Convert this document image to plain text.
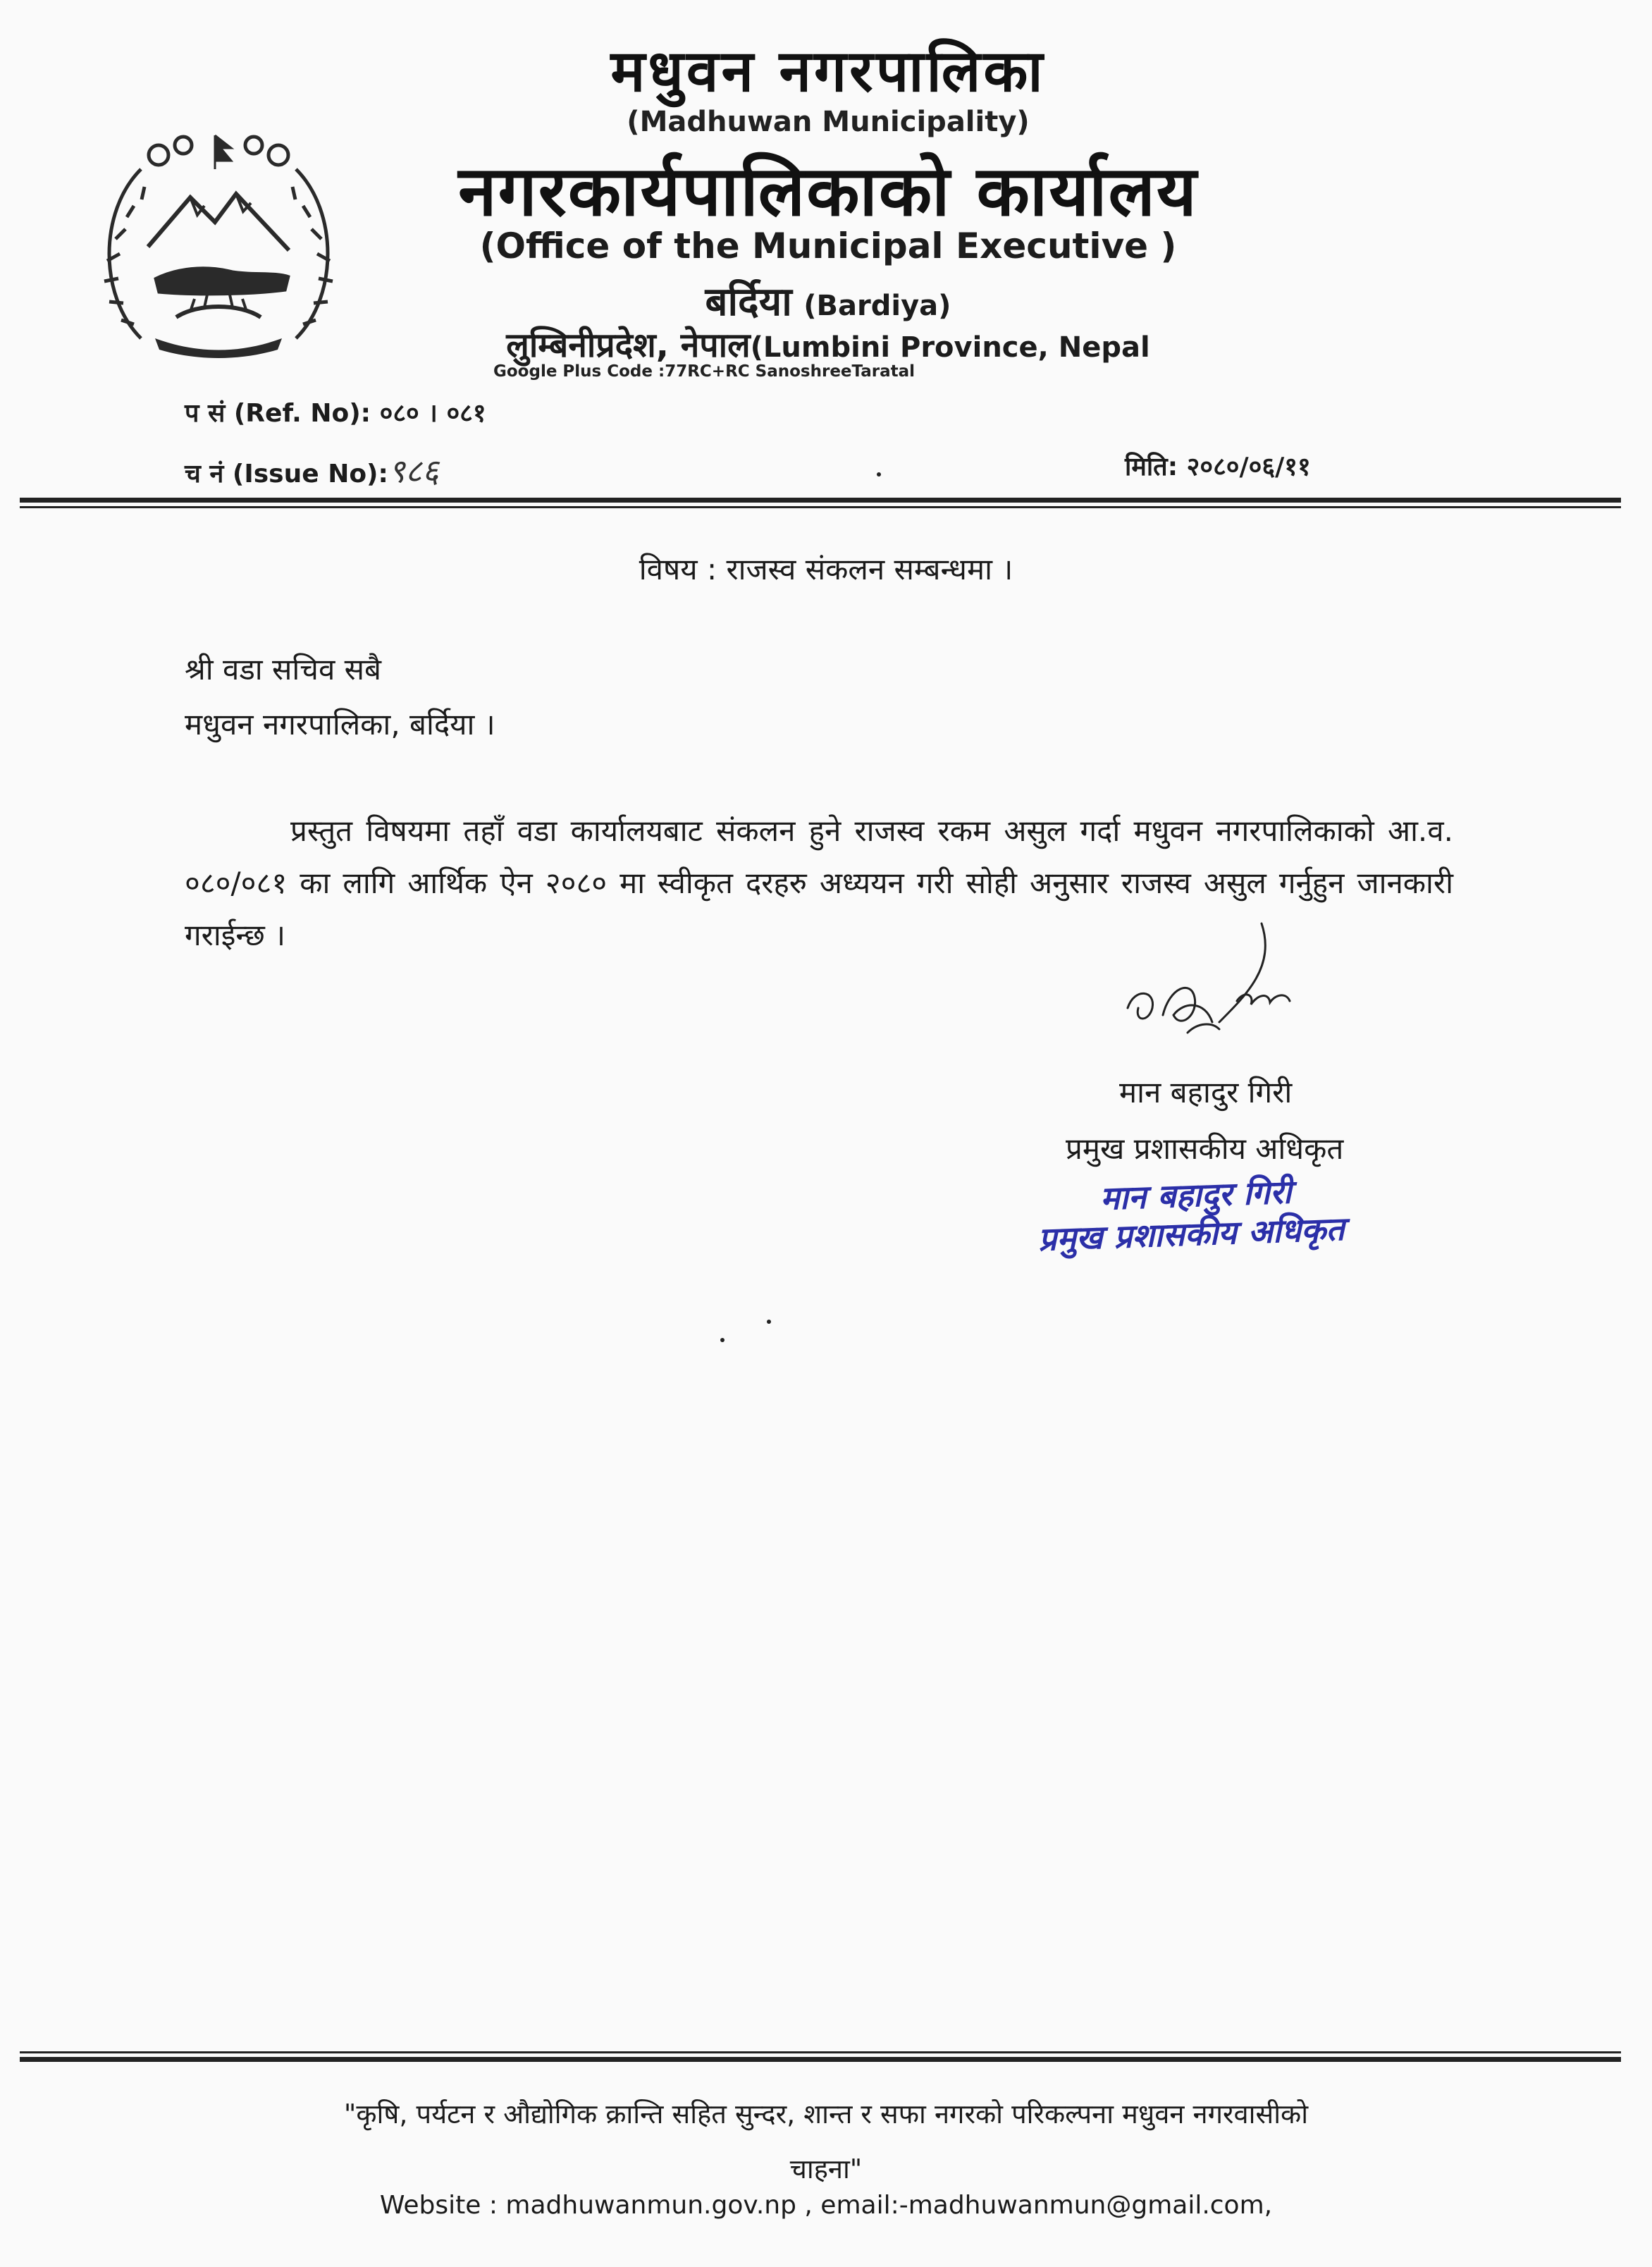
मधुवन नगरपालिका
(Madhuwan Municipality)
नगरकार्यपालिकाको कार्यालय
(Office of the Municipal Executive )
बर्दिया (Bardiya)
लुम्बिनीप्रदेश, नेपाल(Lumbini Province, Nepal
Google Plus Code :77RC+RC SanoshreeTaratal
प संं (Ref. No): ०८० । ०८१
च नं (Issue No):९८६	मिति: २०८०/०६/११
विषय : राजस्व संकलन सम्बन्धमा ।
श्री वडा सचिव सबै
मधुवन नगरपालिका, बर्दिया ।
प्रस्तुत विषयमा तहाँ वडा कार्यालयबाट संकलन हुने राजस्व रकम असुल गर्दा मधुवन नगरपालिकाको आ.व. ०८०/०८१ का लागि आर्थिक ऐन २०८० मा स्वीकृत दरहरु अध्ययन गरी सोही अनुसार राजस्व असुल गर्नुहुन जानकारी गराईन्छ ।
मान बहादुर गिरी
प्रमुख प्रशासकीय अधिकृत
मान बहादुर गिरी
प्रमुख प्रशासकीय अधिकृत
"कृषि, पर्यटन र औद्योगिक क्रान्ति सहित सुन्दर, शान्त र सफा नगरको परिकल्पना मधुवन नगरवासीको
चाहना"
Website : madhuwanmun.gov.np , email:-madhuwanmun@gmail.com,
